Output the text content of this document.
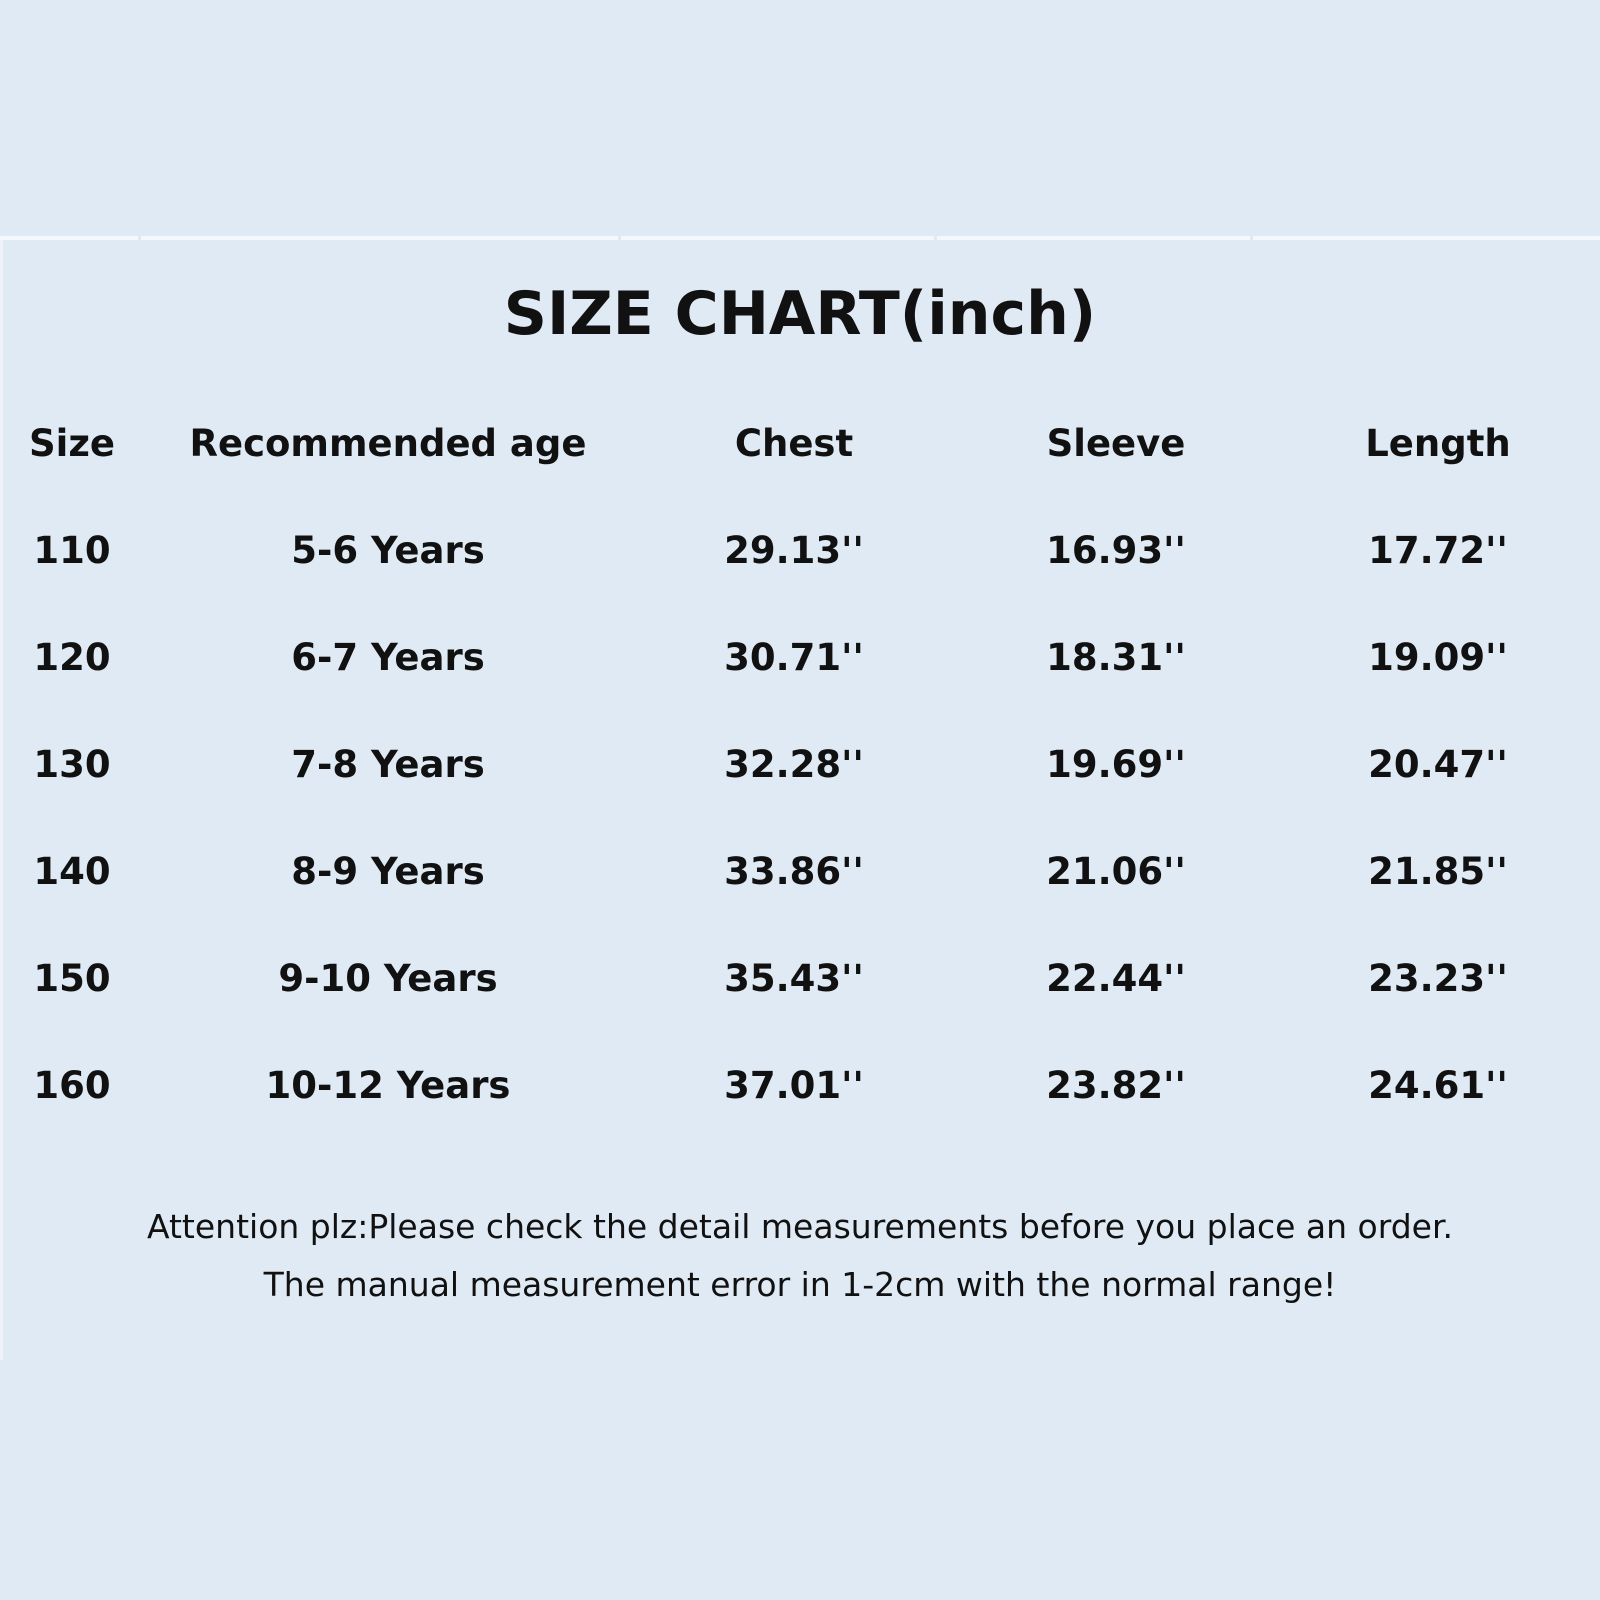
SIZE CHART(inch)
Size	Recommended age	Chest	Sleeve	Length
110	5-6 Years	29.13''	16.93''	17.72''
120	6-7 Years	30.71''	18.31''	19.09''
130	7-8 Years	32.28''	19.69''	20.47''
140	8-9 Years	33.86''	21.06''	21.85''
150	9-10 Years	35.43''	22.44''	23.23''
160	10-12 Years	37.01''	23.82''	24.61''
Attention plz:Please check the detail measurements before you place an order.
The manual measurement error in 1-2cm with the normal range!
